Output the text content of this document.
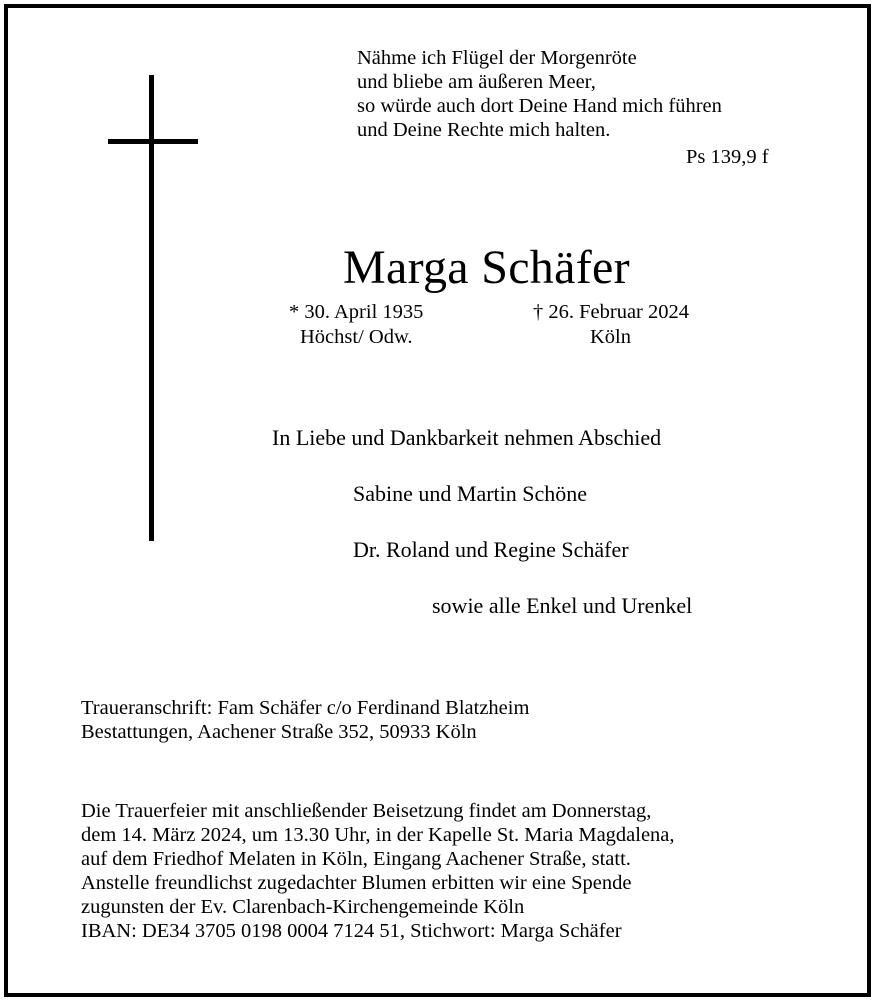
Nähme ich Flügel der Morgenröte
und bliebe am äußeren Meer,
so würde auch dort Deine Hand mich führen
und Deine Rechte mich halten.
Ps 139,9 f
Marga Schäfer
* 30. April 1935
Höchst/ Odw.
† 26. Februar 2024
Köln
In Liebe und Dankbarkeit nehmen Abschied
Sabine und Martin Schöne
Dr. Roland und Regine Schäfer
sowie alle Enkel und Urenkel
Traueranschrift: Fam Schäfer c/o Ferdinand Blatzheim
Bestattungen, Aachener Straße 352, 50933 Köln
Die Trauerfeier mit anschließender Beisetzung findet am Donnerstag,
dem 14. März 2024, um 13.30 Uhr, in der Kapelle St. Maria Magdalena,
auf dem Friedhof Melaten in Köln, Eingang Aachener Straße, statt.
Anstelle freundlichst zugedachter Blumen erbitten wir eine Spende
zugunsten der Ev. Clarenbach-Kirchengemeinde Köln
IBAN: DE34 3705 0198 0004 7124 51, Stichwort: Marga Schäfer
